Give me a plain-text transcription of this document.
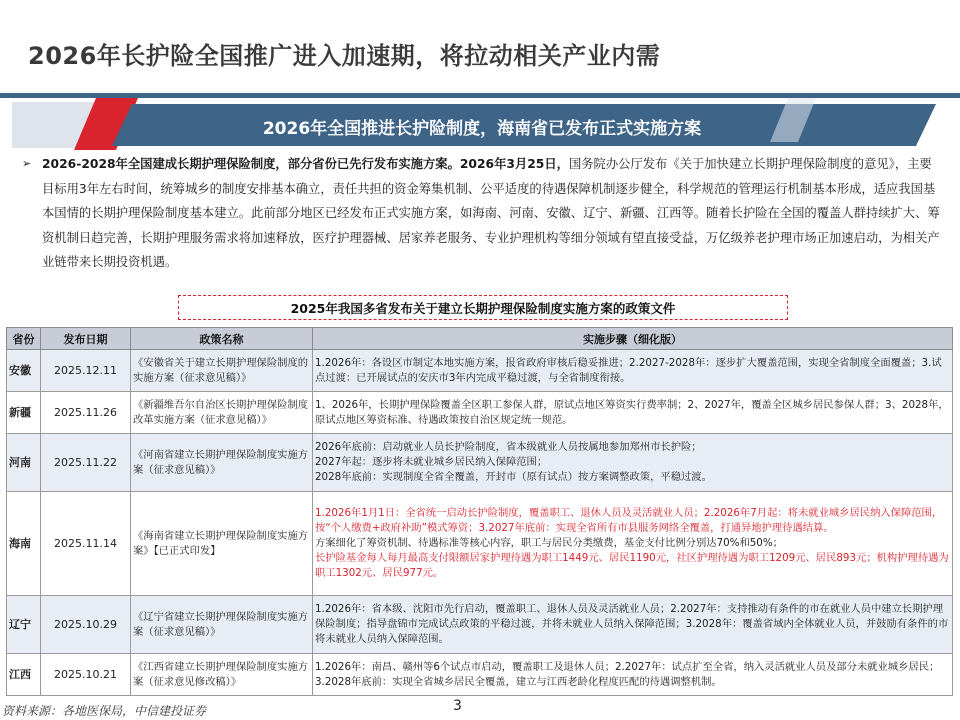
2026年长护险全国推广进入加速期，将拉动相关产业内需
2026年全国推进长护险制度，海南省已发布正式实施方案
➢ 2026-2028年全国建成长期护理保险制度，部分省份已先行发布实施方案。2026年3月25日，国务院办公厅发布《关于加快建立长期护理保险制度的意见》，主要目标用3年左右时间，统筹城乡的制度安排基本确立，责任共担的资金筹集机制、公平适度的待遇保障机制逐步健全，科学规范的管理运行机制基本形成，适应我国基本国情的长期护理保险制度基本建立。此前部分地区已经发布正式实施方案，如海南、河南、安徽、辽宁、新疆、江西等。随着长护险在全国的覆盖人群持续扩大、筹资机制日趋完善，长期护理服务需求将加速释放，医疗护理器械、居家养老服务、专业护理机构等细分领域有望直接受益，万亿级养老护理市场正加速启动，为相关产业链带来长期投资机遇。
2025年我国多省发布关于建立长期护理保险制度实施方案的政策文件
省份	发布日期	政策名称	实施步骤（细化版）
安徽	2025.12.11	《安徽省关于建立长期护理保险制度的实施方案（征求意见稿）》	1.2026年：各设区市制定本地实施方案，报省政府审核后稳妥推进；2.2027-2028年：逐步扩大覆盖范围，实现全省制度全面覆盖；3.试点过渡：已开展试点的安庆市3年内完成平稳过渡，与全省制度衔接。

新疆	2025.11.26	《新疆维吾尔自治区长期护理保险制度改革实施方案（征求意见稿）》	1、2026年，长期护理保险覆盖全区职工参保人群，原试点地区筹资实行费率制；2、2027年，覆盖全区城乡居民参保人群；3、2028年，原试点地区筹资标准、待遇政策按自治区规定统一规范。

河南	2025.11.22	《河南省建立长期护理保险制度实施方案（征求意见稿）》	2026年底前：启动就业人员长护险制度，省本级就业人员按属地参加郑州市长护险；
2027年起：逐步将未就业城乡居民纳入保障范围；
2028年底前：实现制度全省全覆盖，开封市（原有试点）按方案调整政策，平稳过渡。

海南	2025.11.14	《海南省建立长期护理保险制度实施方案》【已正式印发】	1.2026年1月1日：全省统一启动长护险制度，覆盖职工、退休人员及灵活就业人员；2.2026年7月起：将未就业城乡居民纳入保障范围，按“个人缴费+政府补助”模式筹资；3.2027年底前：实现全省所有市县服务网络全覆盖，打通异地护理待遇结算。
方案细化了筹资机制、待遇标准等核心内容，职工与居民分类缴费，基金支付比例分别达70%和50%；
长护险基金每人每月最高支付限额居家护理待遇为职工1449元、居民1190元，社区护理待遇为职工1209元、居民893元；机构护理待遇为职工1302元、居民977元。

辽宁	2025.10.29	《辽宁省建立长期护理保险制度实施方案（征求意见稿）》	1.2026年：省本级、沈阳市先行启动，覆盖职工、退休人员及灵活就业人员；2.2027年：支持推动有条件的市在就业人员中建立长期护理保险制度；指导盘锦市完成试点政策的平稳过渡，并将未就业人员纳入保障范围；3.2028年：覆盖省域内全体就业人员，并鼓励有条件的市将未就业人员纳入保障范围。

江西	2025.10.21	《江西省建立长期护理保险制度实施方案（征求意见修改稿）》	1.2026年：南昌、赣州等6个试点市启动，覆盖职工及退休人员；2.2027年：试点扩至全省，纳入灵活就业人员及部分未就业城乡居民；3.2028年底前：实现全省城乡居民全覆盖，建立与江西老龄化程度匹配的待遇调整机制。
资料来源：各地医保局，中信建投证券	3
